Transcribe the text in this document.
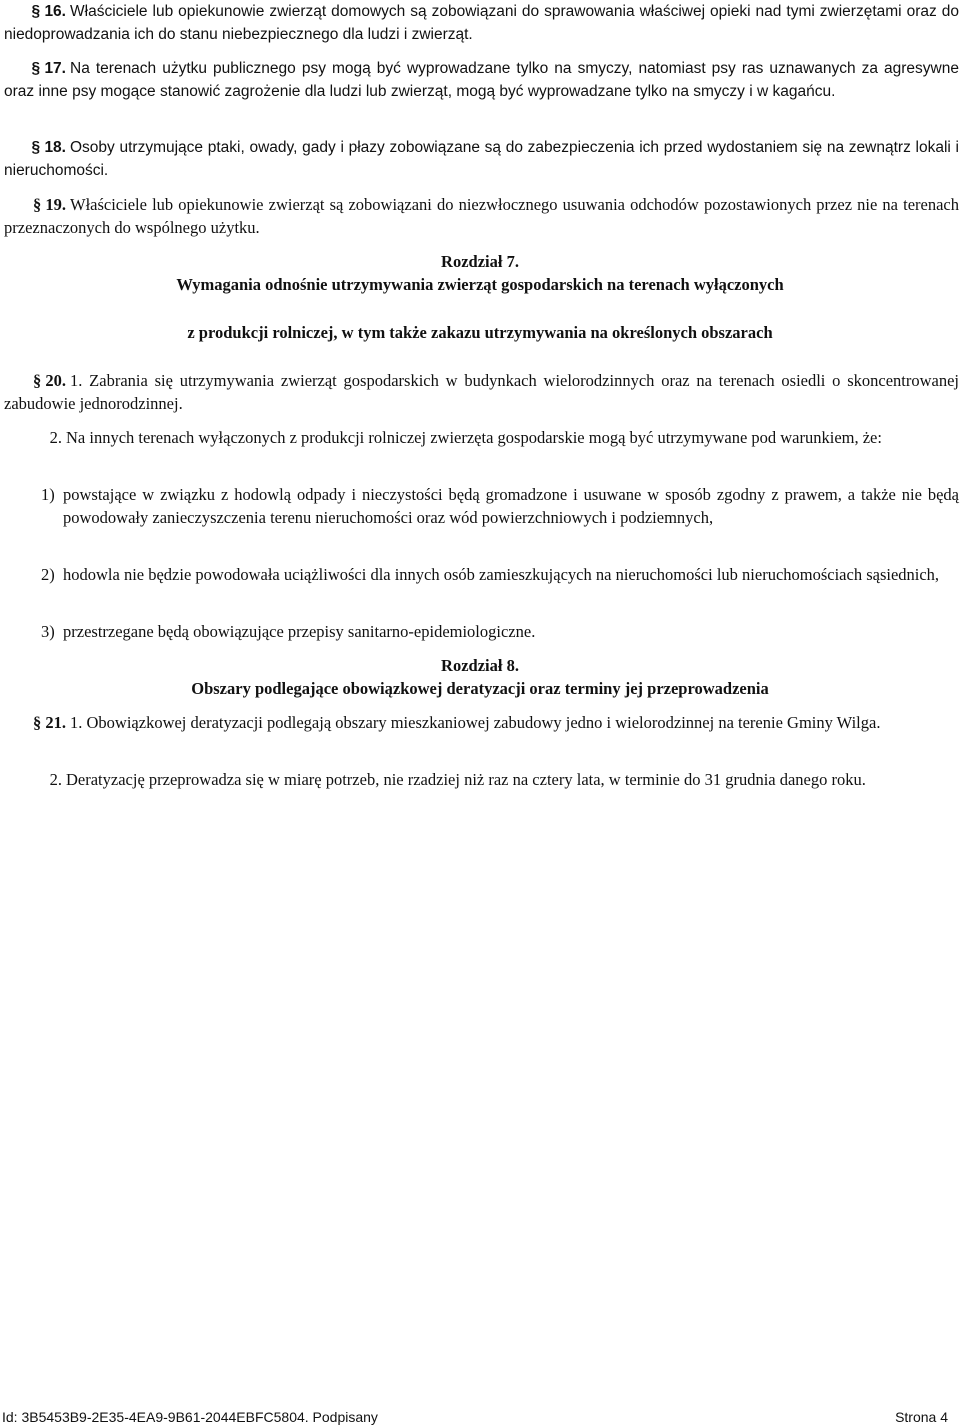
§ 16. Właściciele lub opiekunowie zwierząt domowych są zobowiązani do sprawowania właściwej opieki nad tymi zwierzętami oraz do niedoprowadzania ich do stanu niebezpiecznego dla ludzi i zwierząt.
§ 17. Na terenach użytku publicznego psy mogą być wyprowadzane tylko na smyczy, natomiast psy ras uznawanych za agresywne oraz inne psy mogące stanowić zagrożenie dla ludzi lub zwierząt, mogą być wyprowadzane tylko na smyczy i w kagańcu.
§ 18. Osoby utrzymujące ptaki, owady, gady i płazy zobowiązane są do zabezpieczenia ich przed wydostaniem się na zewnątrz lokali i nieruchomości.
§ 19. Właściciele lub opiekunowie zwierząt są zobowiązani do niezwłocznego usuwania odchodów pozostawionych przez nie na terenach przeznaczonych do wspólnego użytku.
Rozdział 7.
Wymagania odnośnie utrzymywania zwierząt gospodarskich na terenach wyłączonych
z produkcji rolniczej, w tym także zakazu utrzymywania na określonych obszarach
§ 20. 1. Zabrania się utrzymywania zwierząt gospodarskich w budynkach wielorodzinnych oraz na terenach osiedli o skoncentrowanej zabudowie jednorodzinnej.
2. Na innych terenach wyłączonych z produkcji rolniczej zwierzęta gospodarskie mogą być utrzymywane pod warunkiem, że:
1) powstające w związku z hodowlą odpady i nieczystości będą gromadzone i usuwane w sposób zgodny z prawem, a także nie będą powodowały zanieczyszczenia terenu nieruchomości oraz wód powierzchniowych i podziemnych,
2) hodowla nie będzie powodowała uciążliwości dla innych osób zamieszkujących na nieruchomości lub nieruchomościach sąsiednich,
3) przestrzegane będą obowiązujące przepisy sanitarno-epidemiologiczne.
Rozdział 8.
Obszary podlegające obowiązkowej deratyzacji oraz terminy jej przeprowadzenia
§ 21. 1. Obowiązkowej deratyzacji podlegają obszary mieszkaniowej zabudowy jedno i wielorodzinnej na terenie Gminy Wilga.
2. Deratyzację przeprowadza się w miarę potrzeb, nie rzadziej niż raz na cztery lata, w terminie do 31 grudnia danego roku.
Id: 3B5453B9-2E35-4EA9-9B61-2044EBFC5804. Podpisany	Strona 4
